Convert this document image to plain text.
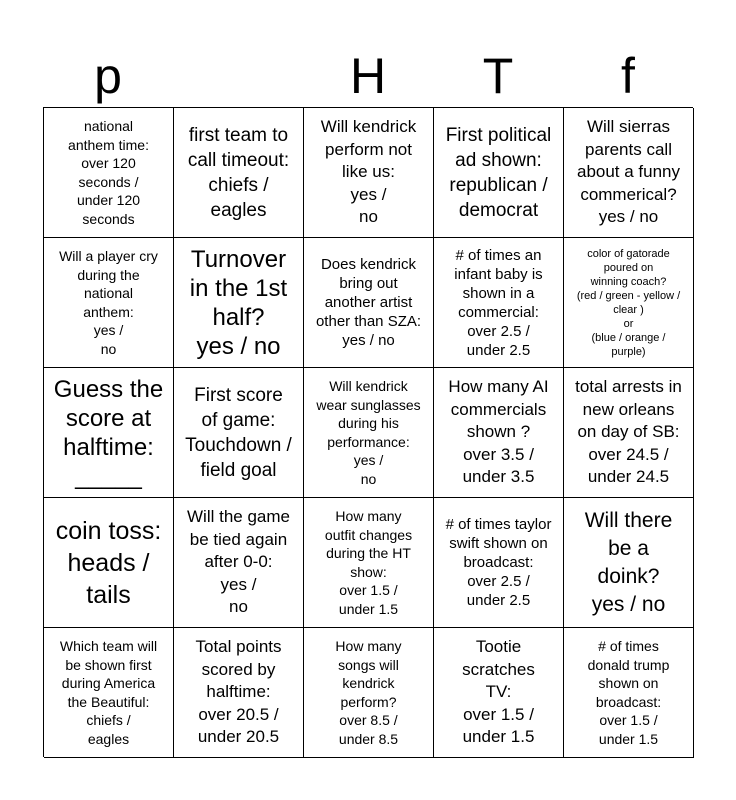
p	H	T	f
national
anthem time:
over 120
seconds /
under 120
seconds
first team to
call timeout:
chiefs /
eagles
Will kendrick
perform not
like us:
yes /
no
First political
ad shown:
republican /
democrat
Will sierras
parents call
about a funny
commerical?
yes / no
Will a player cry
during the
national
anthem:
yes /
no
Turnover
in the 1st
half?
yes / no
Does kendrick
bring out
another artist
other than SZA:
yes / no
# of times an
infant baby is
shown in a
commercial:
over 2.5 /
under 2.5
color of gatorade
poured on
winning coach?
(red / green - yellow /
clear )
or
(blue / orange /
purple)
Guess the
score at
halftime:
_____
First score
of game:
Touchdown /
field goal
Will kendrick
wear sunglasses
during his
performance:
yes /
no
How many AI
commercials
shown ?
over 3.5 /
under 3.5
total arrests in
new orleans
on day of SB:
over 24.5 /
under 24.5
coin toss:
heads /
tails
Will the game
be tied again
after 0-0:
yes /
no
How many
outfit changes
during the HT
show:
over 1.5 /
under 1.5
# of times taylor
swift shown on
broadcast:
over 2.5 /
under 2.5
Will there
be a
doink?
yes / no
Which team will
be shown first
during America
the Beautiful:
chiefs /
eagles
Total points
scored by
halftime:
over 20.5 /
under 20.5
How many
songs will
kendrick
perform?
over 8.5 /
under 8.5
Tootie
scratches
TV:
over 1.5 /
under 1.5
# of times
donald trump
shown on
broadcast:
over 1.5 /
under 1.5
